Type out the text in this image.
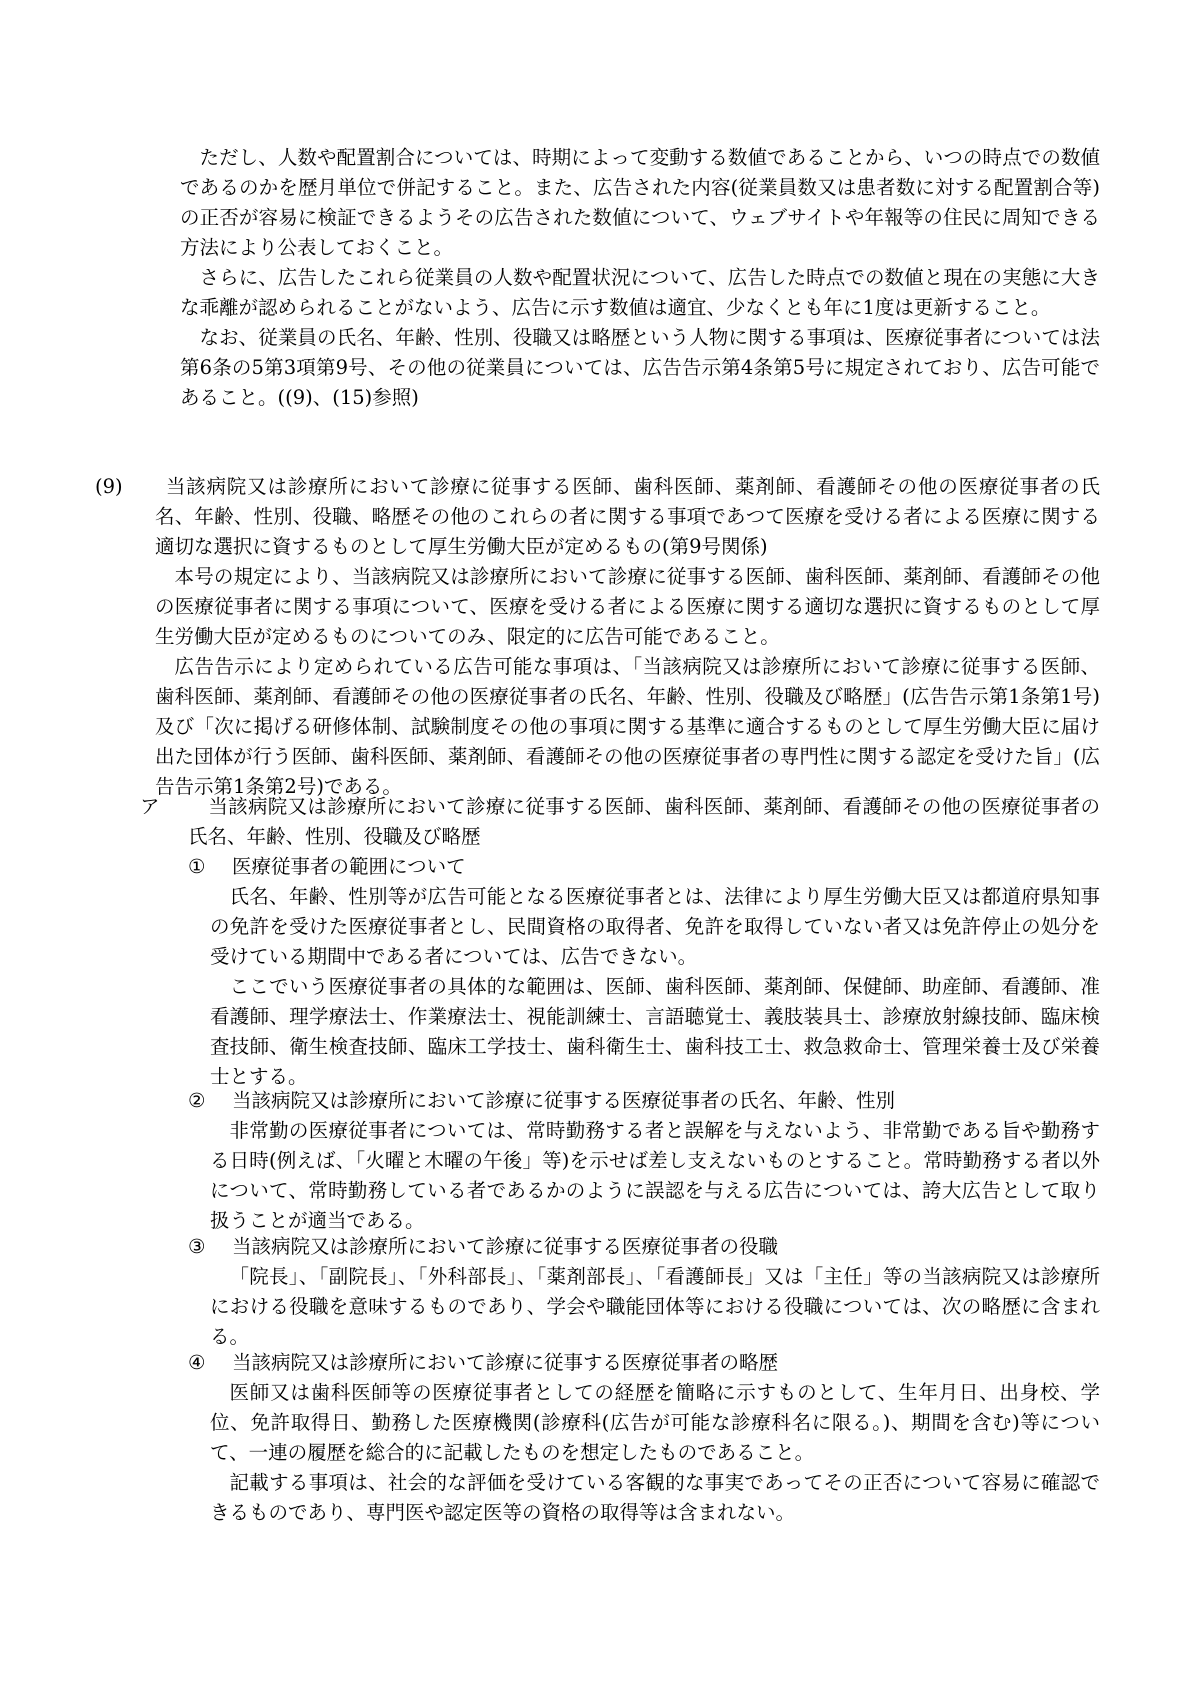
ただし、人数や配置割合については、時期によって変動する数値であることから、いつの時点での数値であるのかを歴月単位で併記すること。また、広告された内容(従業員数又は患者数に対する配置割合等)の正否が容易に検証できるようその広告された数値について、ウェブサイトや年報等の住民に周知できる方法により公表しておくこと。

さらに、広告したこれら従業員の人数や配置状況について、広告した時点での数値と現在の実態に大きな乖離が認められることがないよう、広告に示す数値は適宜、少なくとも年に1度は更新すること。

なお、従業員の氏名、年齢、性別、役職又は略歴という人物に関する事項は、医療従事者については法第6条の5第3項第9号、その他の従業員については、広告告示第4条第5号に規定されており、広告可能であること。((9)、(15)参照)

(9) 当該病院又は診療所において診療に従事する医師、歯科医師、薬剤師、看護師その他の医療従事者の氏名、年齢、性別、役職、略歴その他のこれらの者に関する事項であつて医療を受ける者による医療に関する適切な選択に資するものとして厚生労働大臣が定めるもの(第9号関係)

本号の規定により、当該病院又は診療所において診療に従事する医師、歯科医師、薬剤師、看護師その他の医療従事者に関する事項について、医療を受ける者による医療に関する適切な選択に資するものとして厚生労働大臣が定めるものについてのみ、限定的に広告可能であること。

広告告示により定められている広告可能な事項は、「当該病院又は診療所において診療に従事する医師、歯科医師、薬剤師、看護師その他の医療従事者の氏名、年齢、性別、役職及び略歴」(広告告示第1条第1号)及び「次に掲げる研修体制、試験制度その他の事項に関する基準に適合するものとして厚生労働大臣に届け出た団体が行う医師、歯科医師、薬剤師、看護師その他の医療従事者の専門性に関する認定を受けた旨」(広告告示第1条第2号)である。

ア 当該病院又は診療所において診療に従事する医師、歯科医師、薬剤師、看護師その他の医療従事者の氏名、年齢、性別、役職及び略歴

① 医療従事者の範囲について

氏名、年齢、性別等が広告可能となる医療従事者とは、法律により厚生労働大臣又は都道府県知事の免許を受けた医療従事者とし、民間資格の取得者、免許を取得していない者又は免許停止の処分を受けている期間中である者については、広告できない。

ここでいう医療従事者の具体的な範囲は、医師、歯科医師、薬剤師、保健師、助産師、看護師、准看護師、理学療法士、作業療法士、視能訓練士、言語聴覚士、義肢装具士、診療放射線技師、臨床検査技師、衛生検査技師、臨床工学技士、歯科衛生士、歯科技工士、救急救命士、管理栄養士及び栄養士とする。

② 当該病院又は診療所において診療に従事する医療従事者の氏名、年齢、性別

非常勤の医療従事者については、常時勤務する者と誤解を与えないよう、非常勤である旨や勤務する日時(例えば、「火曜と木曜の午後」等)を示せば差し支えないものとすること。常時勤務する者以外について、常時勤務している者であるかのように誤認を与える広告については、誇大広告として取り扱うことが適当である。

③ 当該病院又は診療所において診療に従事する医療従事者の役職

「院長」、「副院長」、「外科部長」、「薬剤部長」、「看護師長」又は「主任」等の当該病院又は診療所における役職を意味するものであり、学会や職能団体等における役職については、次の略歴に含まれる。

④ 当該病院又は診療所において診療に従事する医療従事者の略歴

医師又は歯科医師等の医療従事者としての経歴を簡略に示すものとして、生年月日、出身校、学位、免許取得日、勤務した医療機関(診療科(広告が可能な診療科名に限る。)、期間を含む)等について、一連の履歴を総合的に記載したものを想定したものであること。

記載する事項は、社会的な評価を受けている客観的な事実であってその正否について容易に確認できるものであり、専門医や認定医等の資格の取得等は含まれない。
